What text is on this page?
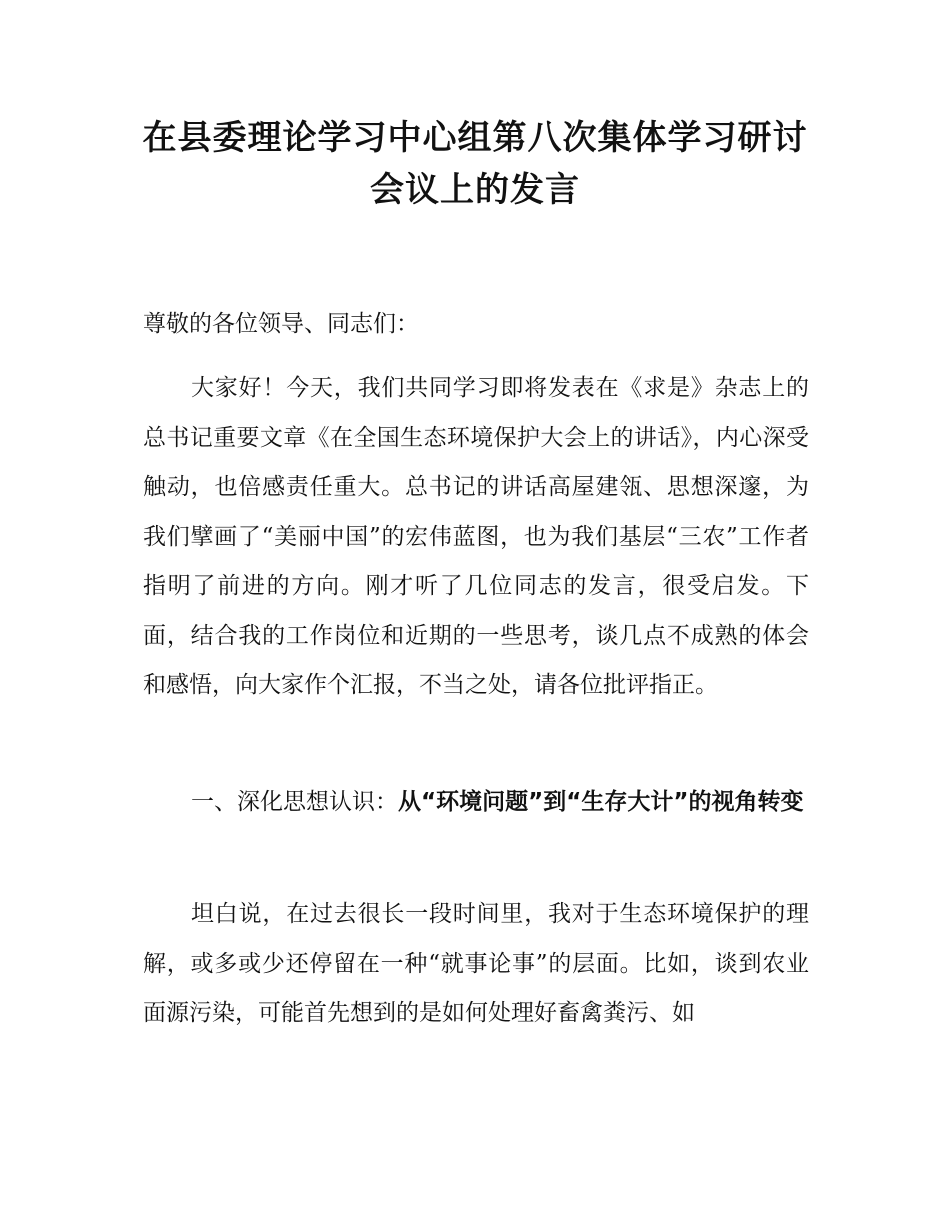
在县委理论学习中心组第八次集体学习研讨
会议上的发言

尊敬的各位领导、同志们：

大家好！今天，我们共同学习即将发表在《求是》杂志上的总书记重要文章《在全国生态环境保护大会上的讲话》，内心深受触动，也倍感责任重大。总书记的讲话高屋建瓴、思想深邃，为我们擘画了“美丽中国”的宏伟蓝图，也为我们基层“三农”工作者指明了前进的方向。刚才听了几位同志的发言，很受启发。下面，结合我的工作岗位和近期的一些思考，谈几点不成熟的体会和感悟，向大家作个汇报，不当之处，请各位批评指正。

一、深化思想认识：从“环境问题”到“生存大计”的视角转变

坦白说，在过去很长一段时间里，我对于生态环境保护的理解，或多或少还停留在一种“就事论事”的层面。比如，谈到农业面源污染，可能首先想到的是如何处理好畜禽粪污、如
